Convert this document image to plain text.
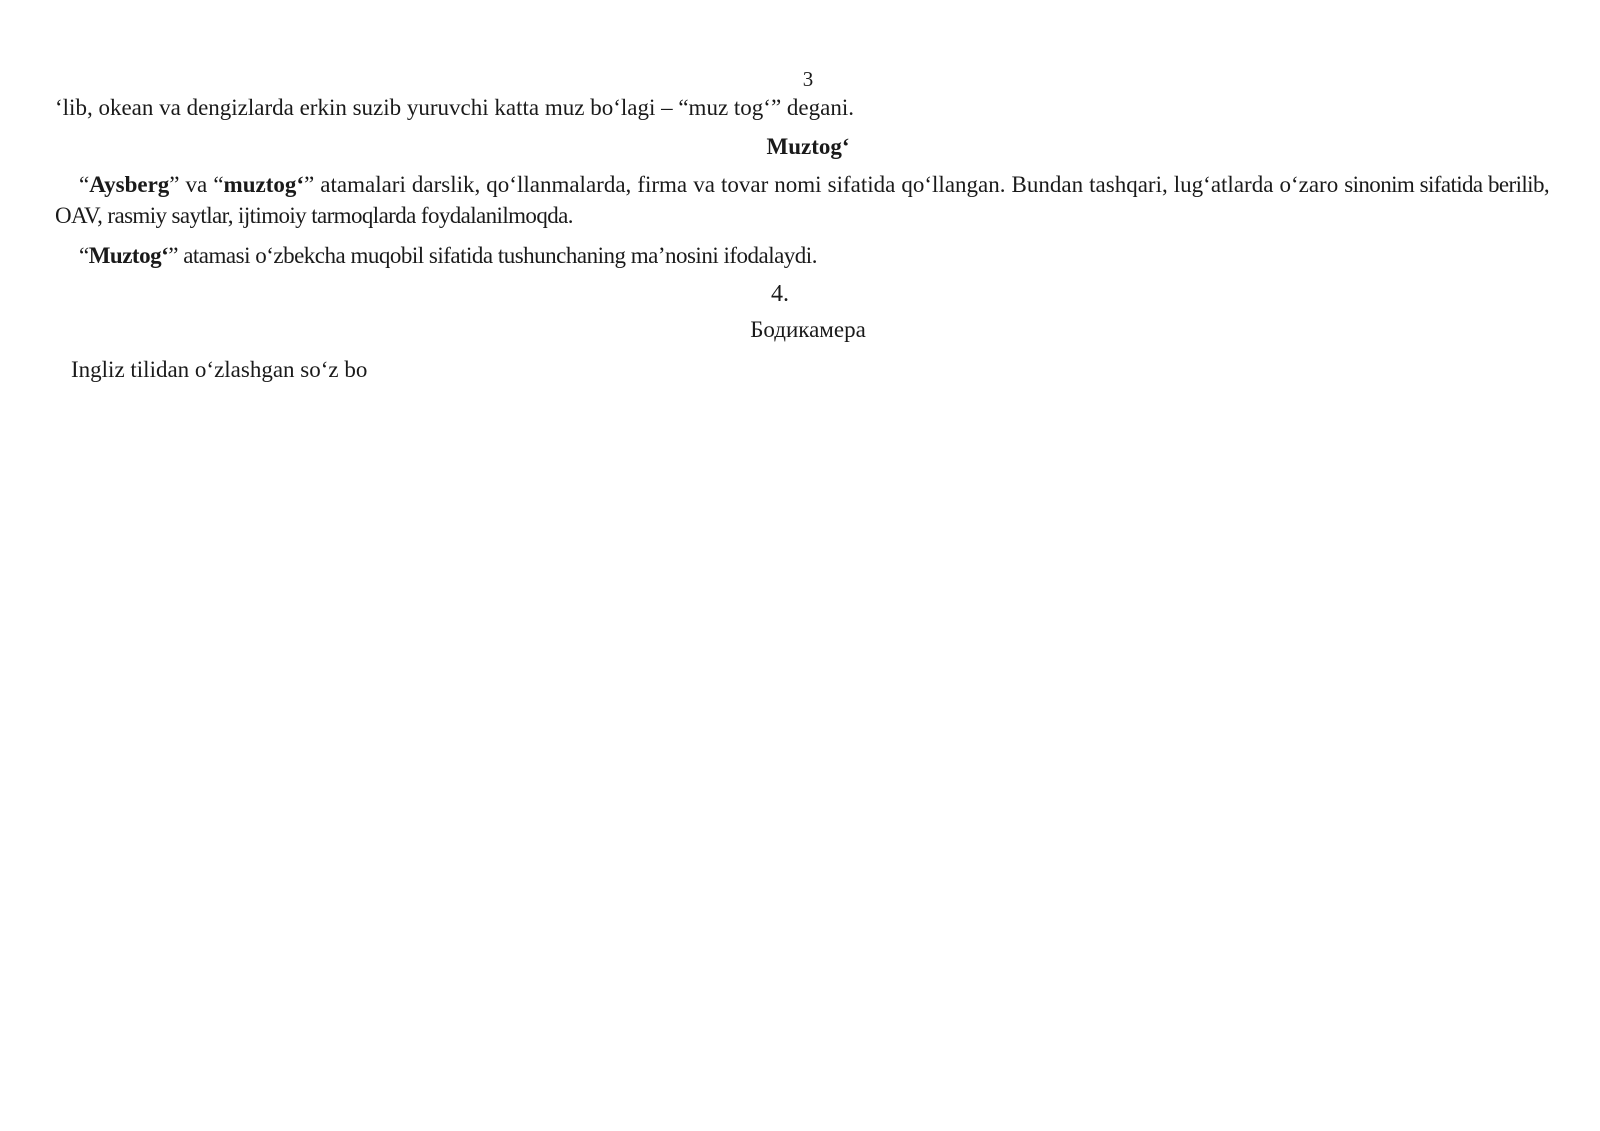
3

‘lib, okean va dengizlarda erkin suzib yuruvchi katta muz bo‘lagi – “muz tog‘” degani.

Muztog‘

“Aysberg” va “muztog‘” atamalari darslik, qo‘llanmalarda, firma va tovar nomi sifatida qo‘llangan. Bundan tashqari, lug‘atlarda o‘zaro sinonim sifatida berilib, OAV, rasmiy saytlar, ijtimoiy tarmoqlarda foydalanilmoqda.

“Muztog‘” atamasi o‘zbekcha muqobil sifatida tushunchaning ma’nosini ifodalaydi.

4.
Бодикамера

Ingliz tilidan o‘zlashgan so‘z bo
